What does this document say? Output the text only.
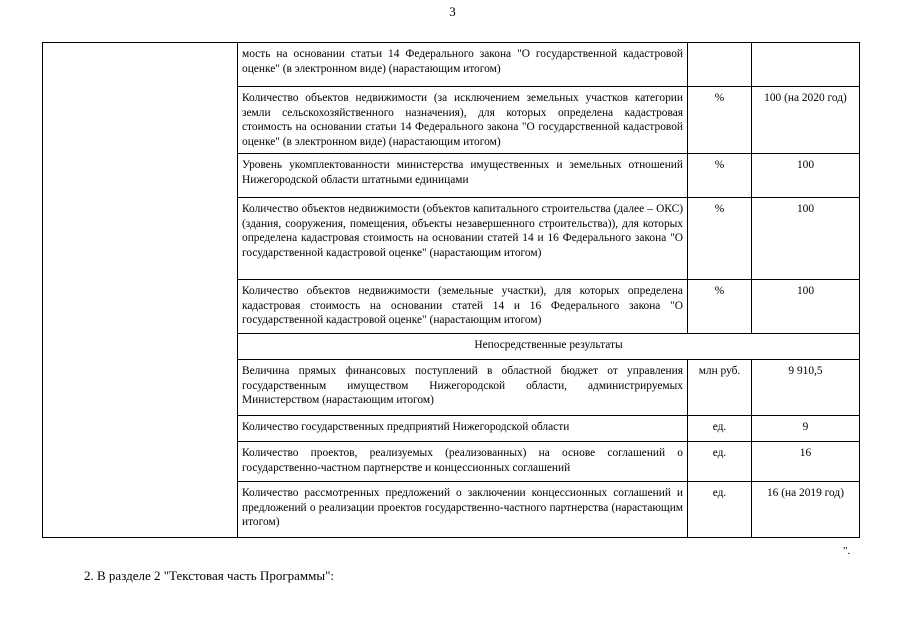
3
	мость на основании статьи 14 Федерального закона "О государственной кадастровой оценке" (в электронном виде) (нарастающим итогом)		
	Количество объектов недвижимости (за исключением земельных участков категории земли сельскохозяйственного назначения), для которых определена кадастровая стоимость на основании статьи 14 Федерального закона "О государственной кадастровой оценке" (в электронном виде) (нарастающим итогом)	%	100 (на 2020 год)
	Уровень укомплектованности министерства имущественных и земельных отношений Нижегородской области штатными единицами	%	100
	Количество объектов недвижимости (объектов капитального строительства (далее – ОКС) (здания, сооружения, помещения, объекты незавершенного строительства)), для которых определена кадастровая стоимость на основании статей 14 и 16 Федерального закона "О государственной кадастровой оценке" (нарастающим итогом)	%	100
	Количество объектов недвижимости (земельные участки), для которых определена кадастровая стоимость на основании статей 14 и 16 Федерального закона "О государственной кадастровой оценке" (нарастающим итогом)	%	100
	Непосредственные результаты		
	Величина прямых финансовых поступлений в областной бюджет от управления государственным имуществом Нижегородской области, администрируемых Министерством (нарастающим итогом)	млн руб.	9 910,5
	Количество государственных предприятий Нижегородской области	ед.	9
	Количество проектов, реализуемых (реализованных) на основе соглашений о государственно-частном партнерстве и концессионных соглашений	ед.	16
	Количество рассмотренных предложений о заключении концессионных соглашений и предложений о реализации проектов государственно-частного партнерства (нарастающим итогом)	ед.	16 (на 2019 год)
".
2. В разделе 2 "Текстовая часть Программы":
